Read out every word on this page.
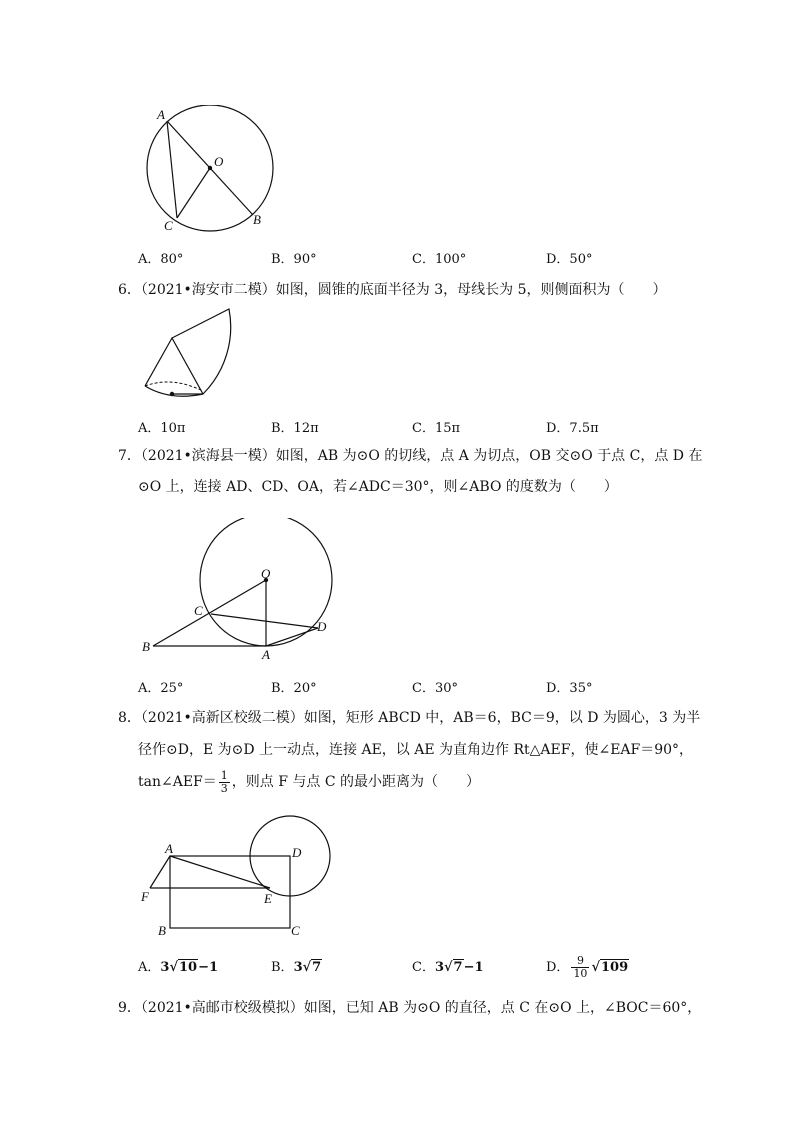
A
O
C	B
A．80°	B．90°	C．100°	D．50°
6．（2021•海安市二模）如图，圆锥的底面半径为 3，母线长为 5，则侧面积为（　　）
A．10π	B．12π	C．15π	D．7.5π
7．（2021•滨海县一模）如图，AB 为⊙O 的切线，点 A 为切点，OB 交⊙O 于点 C，点 D 在
⊙O 上，连接 AD、CD、OA，若∠ADC＝30°，则∠ABO 的度数为（　　）
O
C
D
B
A
A．25°	B．20°	C．30°	D．35°
8．（2021•高新区校级二模）如图，矩形 ABCD 中，AB＝6，BC＝9，以 D 为圆心，3 为半
径作⊙D，E 为⊙D 上一动点，连接 AE，以 AE 为直角边作 Rt△AEF，使∠EAF＝90°，
tan∠AEF＝ $\frac{1}{3}$ ，则点 F 与点 C 的最小距离为（　　）
A	D
F	E
B	C
A．3√10−1	B．3√7	C．3√7−1	D． $\frac{9}{10} √109$
9．（2021•高邮市校级模拟）如图，已知 AB 为⊙O 的直径，点 C 在⊙O 上，∠BOC＝60°，
